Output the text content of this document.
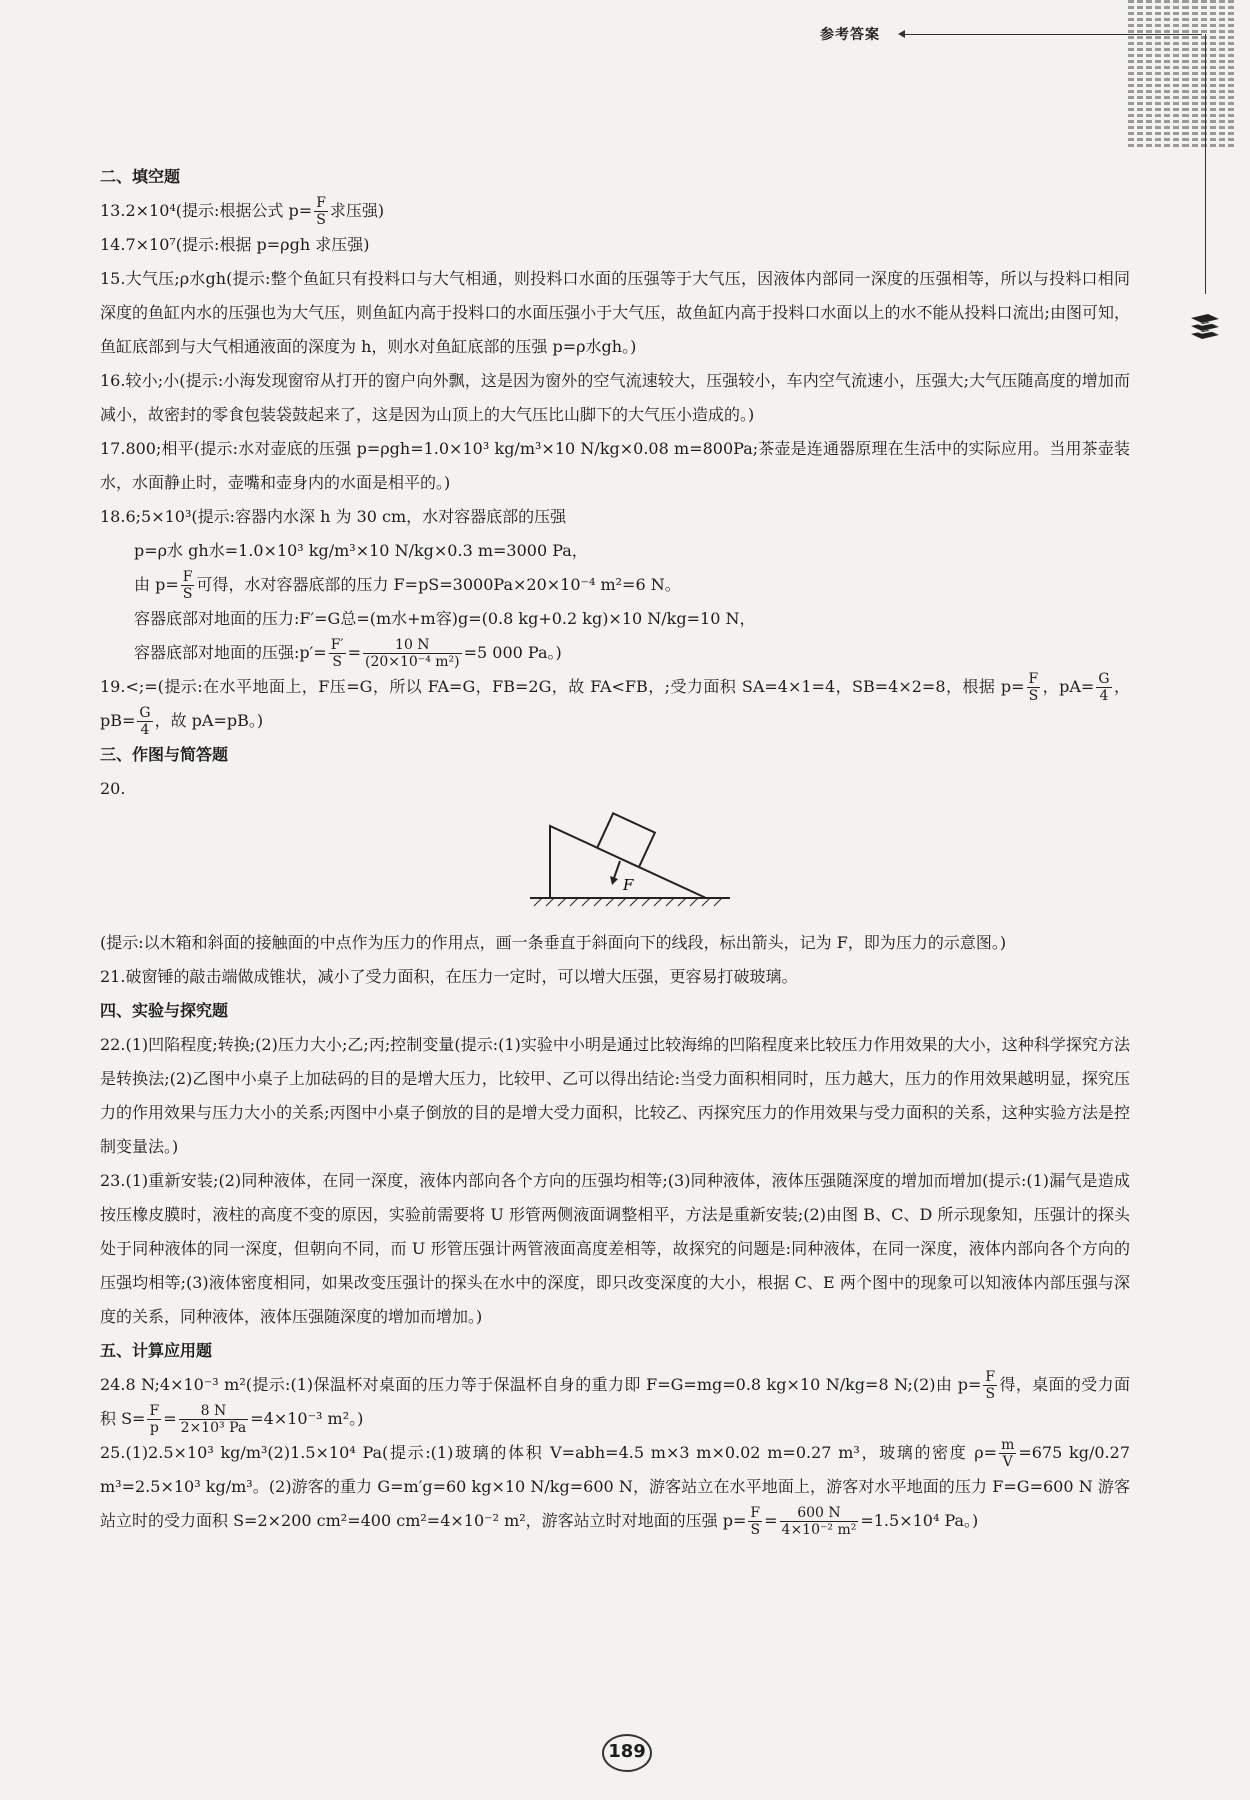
参考答案
二、填空题

13.2×10⁴(提示:根据公式 $p= \frac{F}{S}$ 求压强)

14.7×10⁷(提示:根据 p=ρgh 求压强)

15.大气压;ρ水gh(提示:整个鱼缸只有投料口与大气相通，则投料口水面的压强等于大气压，因液体内部同一深度的压强相等，所以与投料口相同深度的鱼缸内水的压强也为大气压，则鱼缸内高于投料口的水面压强小于大气压，故鱼缸内高于投料口水面以上的水不能从投料口流出;由图可知，鱼缸底部到与大气相通液面的深度为 h，则水对鱼缸底部的压强 p=ρ水gh。)

16.较小;小(提示:小海发现窗帘从打开的窗户向外飘，这是因为窗外的空气流速较大，压强较小，车内空气流速小，压强大;大气压随高度的增加而减小，故密封的零食包装袋鼓起来了，这是因为山顶上的大气压比山脚下的大气压小造成的。)

17.800;相平(提示:水对壶底的压强 p=ρgh=1.0×10³ kg/m³×10 N/kg×0.08 m=800Pa;茶壶是连通器原理在生活中的实际应用。当用茶壶装水，水面静止时，壶嘴和壶身内的水面是相平的。)

18.6;5×10³(提示:容器内水深 h 为 30 cm，水对容器底部的压强

p=ρ水 gh水=1.0×10³ kg/m³×10 N/kg×0.3 m=3000 Pa，

由 $p= \frac{F}{S}$ 可得，水对容器底部的压力 F=pS=3000Pa×20×10⁻⁴ m²=6 N。

容器底部对地面的压力:F′=G总=(m水+m容)g=(0.8 kg+0.2 kg)×10 N/kg=10 N，

容器底部对地面的压强:p′= $\frac{F'}{S} = \frac{10 N}{\text{(20×10⁻⁴ m²)}} =5$ 000 Pa。)

19.<;=(提示:在水平地面上，F压=G，所以 FA=G，FB=2G，故 FA<FB，;受力面积 SA=4×1=4，SB=4×2=8，根据 $p= \frac{F}{S}$ ，$pA= \frac{G}{4}$ ，$pB= \frac{G}{4}$ ，故 pA=pB。)

三、作图与简答题

20.

F

(提示:以木箱和斜面的接触面的中点作为压力的作用点，画一条垂直于斜面向下的线段，标出箭头，记为 F，即为压力的示意图。)

21.破窗锤的敲击端做成锥状，减小了受力面积，在压力一定时，可以增大压强，更容易打破玻璃。

四、实验与探究题

22.(1)凹陷程度;转换;(2)压力大小;乙;丙;控制变量(提示:(1)实验中小明是通过比较海绵的凹陷程度来比较压力作用效果的大小，这种科学探究方法是转换法;(2)乙图中小桌子上加砝码的目的是增大压力，比较甲、乙可以得出结论:当受力面积相同时，压力越大，压力的作用效果越明显，探究压力的作用效果与压力大小的关系;丙图中小桌子倒放的目的是增大受力面积，比较乙、丙探究压力的作用效果与受力面积的关系，这种实验方法是控制变量法。)

23.(1)重新安装;(2)同种液体，在同一深度，液体内部向各个方向的压强均相等;(3)同种液体，液体压强随深度的增加而增加(提示:(1)漏气是造成按压橡皮膜时，液柱的高度不变的原因，实验前需要将 U 形管两侧液面调整相平，方法是重新安装;(2)由图 B、C、D 所示现象知，压强计的探头处于同种液体的同一深度，但朝向不同，而 U 形管压强计两管液面高度差相等，故探究的问题是:同种液体，在同一深度，液体内部向各个方向的压强均相等;(3)液体密度相同，如果改变压强计的探头在水中的深度，即只改变深度的大小，根据 C、E 两个图中的现象可以知液体内部压强与深度的关系，同种液体，液体压强随深度的增加而增加。)

五、计算应用题

24.8 N;4×10⁻³ m²(提示:(1)保温杯对桌面的压力等于保温杯自身的重力即 F=G=mg=0.8 kg×10 N/kg=8 N;(2)由 $p= \frac{F}{S}$ 得，桌面的受力面积 $S= \frac{F}{p} = \frac{8 N}{\text{2×10³ Pa}} =4\times 10^{-3}$ m²。)

25.(1)2.5×10³ kg/m³(2)1.5×10⁴ Pa(提示:(1)玻璃的体积 V=abh=4.5 m×3 m×0.02 m=0.27 m³，玻璃的密度 $\rho= \frac{m}{V} =675$ kg/0.27 m³=2.5×10³ kg/m³。(2)游客的重力 G=m′g=60 kg×10 N/kg=600 N，游客站立在水平地面上，游客对水平地面的压力 F=G=600 N 游客站立时的受力面积 S=2×200 cm²=400 cm²=4×10⁻² m²，游客站立时对地面的压强 $p= \frac{F}{S} = \frac{600 N}{\text{4×10⁻² m²}} =1.5\times 10^4$ Pa。)

189
